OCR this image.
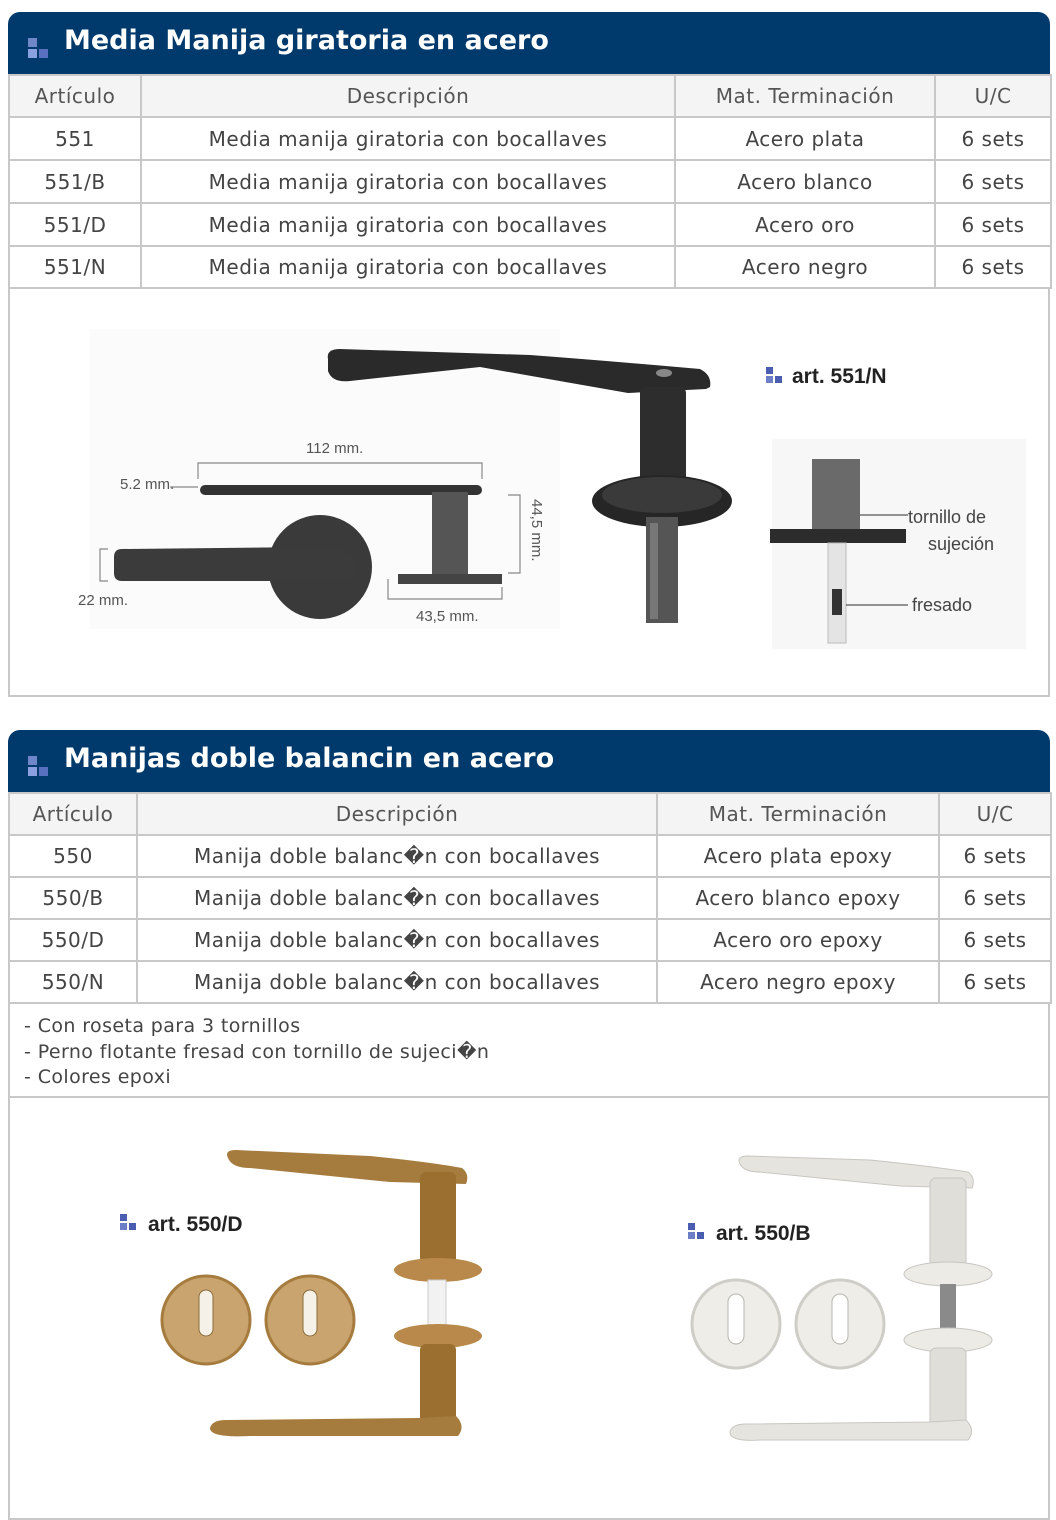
Media Manija giratoria en acero
Artículo	Descripción	Mat. Terminación	U/C
551	Media manija giratoria con bocallaves	Acero plata	6 sets
551/B	Media manija giratoria con bocallaves	Acero blanco	6 sets
551/D	Media manija giratoria con bocallaves	Acero oro	6 sets
551/N	Media manija giratoria con bocallaves	Acero negro	6 sets
112 mm.
5.2 mm.
22 mm.
43,5 mm.
44,5 mm.
art. 551/N
tornillo de
sujeción
fresado
Manijas doble balancin en acero
Artículo	Descripción	Mat. Terminación	U/C
550	Manija doble balanc�n con bocallaves	Acero plata epoxy	6 sets
550/B	Manija doble balanc�n con bocallaves	Acero blanco epoxy	6 sets
550/D	Manija doble balanc�n con bocallaves	Acero oro epoxy	6 sets
550/N	Manija doble balanc�n con bocallaves	Acero negro epoxy	6 sets
- Con roseta para 3 tornillos
- Perno flotante fresad con tornillo de sujeci�n
- Colores epoxi
art. 550/D	art. 550/B
